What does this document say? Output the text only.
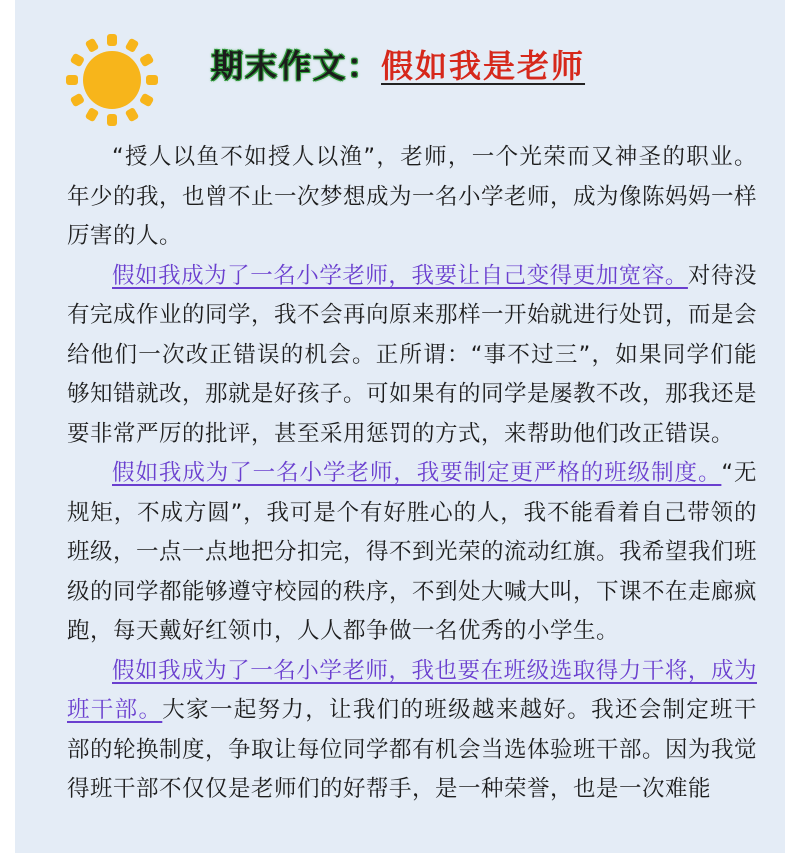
期末作文：假如我是老师

“授人以鱼不如授人以渔”，老师，一个光荣而又神圣的职业。年少的我，也曾不止一次梦想成为一名小学老师，成为像陈妈妈一样厉害的人。

假如我成为了一名小学老师，我要让自己变得更加宽容。对待没有完成作业的同学，我不会再向原来那样一开始就进行处罚，而是会给他们一次改正错误的机会。正所谓：“事不过三”，如果同学们能够知错就改，那就是好孩子。可如果有的同学是屡教不改，那我还是要非常严厉的批评，甚至采用惩罚的方式，来帮助他们改正错误。

假如我成为了一名小学老师，我要制定更严格的班级制度。“无规矩，不成方圆”，我可是个有好胜心的人，我不能看着自己带领的班级，一点一点地把分扣完，得不到光荣的流动红旗。我希望我们班级的同学都能够遵守校园的秩序，不到处大喊大叫，下课不在走廊疯跑，每天戴好红领巾，人人都争做一名优秀的小学生。

假如我成为了一名小学老师，我也要在班级选取得力干将，成为班干部。大家一起努力，让我们的班级越来越好。我还会制定班干部的轮换制度，争取让每位同学都有机会当选体验班干部。因为我觉得班干部不仅仅是老师们的好帮手，是一种荣誉，也是一次难能
